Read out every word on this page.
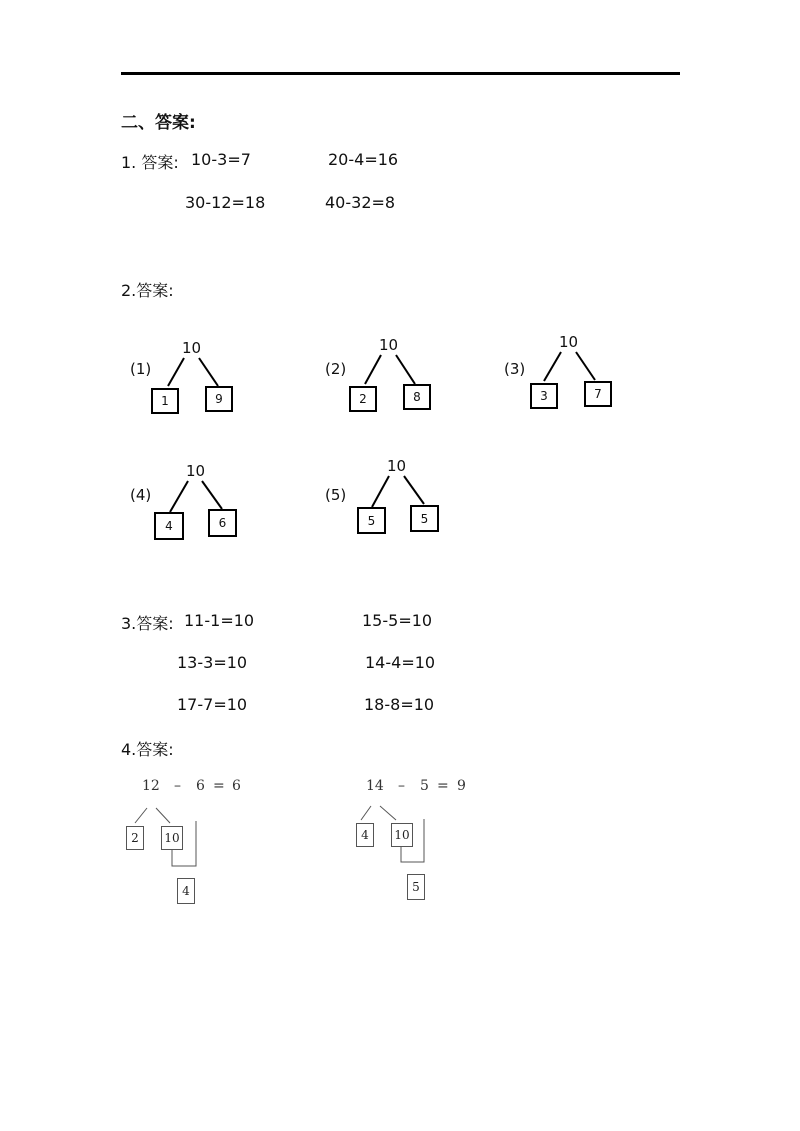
二、答案:
1. 答案: 10-3=7	20-4=16
30-12=18	40-32=8
2.答案:
(1)
10
1	9
(2)
10
2	8
(3)
10
3	7
(4)
10
4	6
(5)
10
5	5
3.答案: 11-1=10	15-5=10
13-3=10	14-4=10
17-7=10	18-8=10
4.答案:
12 – 6 = 6
2	10
4
14 – 5 = 9
4	10
5
